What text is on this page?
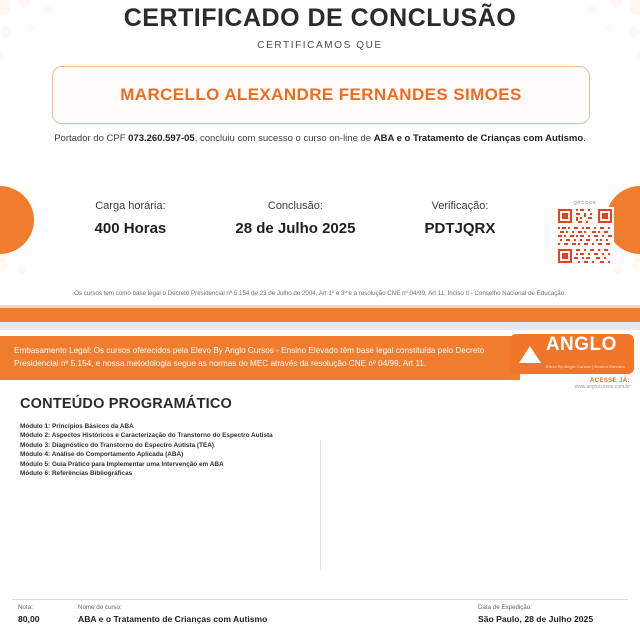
CERTIFICADO DE CONCLUSÃO
CERTIFICAMOS QUE
MARCELLO ALEXANDRE FERNANDES SIMOES
Portador do CPF 073.260.597-05, concluiu com sucesso o curso on-line de ABA e o Tratamento de Crianças com Autismo.
Carga horária:
400 Horas
Conclusão:
28 de Julho 2025
Verificação:
PDTJQRX
QRCODE
Os cursos tem como base legal o Decreto Presidencial nº 5.154 de 23 de Julho de 2004, Art 1º e 3º e a resolução CNE nº 04/99, Art 11, Inciso II - Conselho Nacional de Educação.
Embasamento Legal: Os cursos oferecidos pela Elevo By Anglo Cursos - Ensino Elevado têm base legal constituída pelo Decreto Presidencial nº 5.154, e nossa metodologia segue as normas do MEC através da resolução CNE nº 04/99, Art 11.
ANGLO
Elevo By Anglo Cursos | Ensino Elevado
ACESSE JÁ:
www.anglocursos.com.br
CONTEÚDO PROGRAMÁTICO
Módulo 1: Princípios Básicos da ABA
Módulo 2: Aspectos Históricos e Caracterização do Transtorno do Espectro Autista
Módulo 3: Diagnóstico do Transtorno do Espectro Autista (TEA)
Módulo 4: Análise do Comportamento Aplicada (ABA)
Módulo 5: Guia Prático para Implementar uma Intervenção em ABA
Módulo 6: Referências Bibliográficas
Nota:
80,00
Nome do curso:
ABA e o Tratamento de Crianças com Autismo
Data de Expedição:
São Paulo, 28 de Julho 2025
